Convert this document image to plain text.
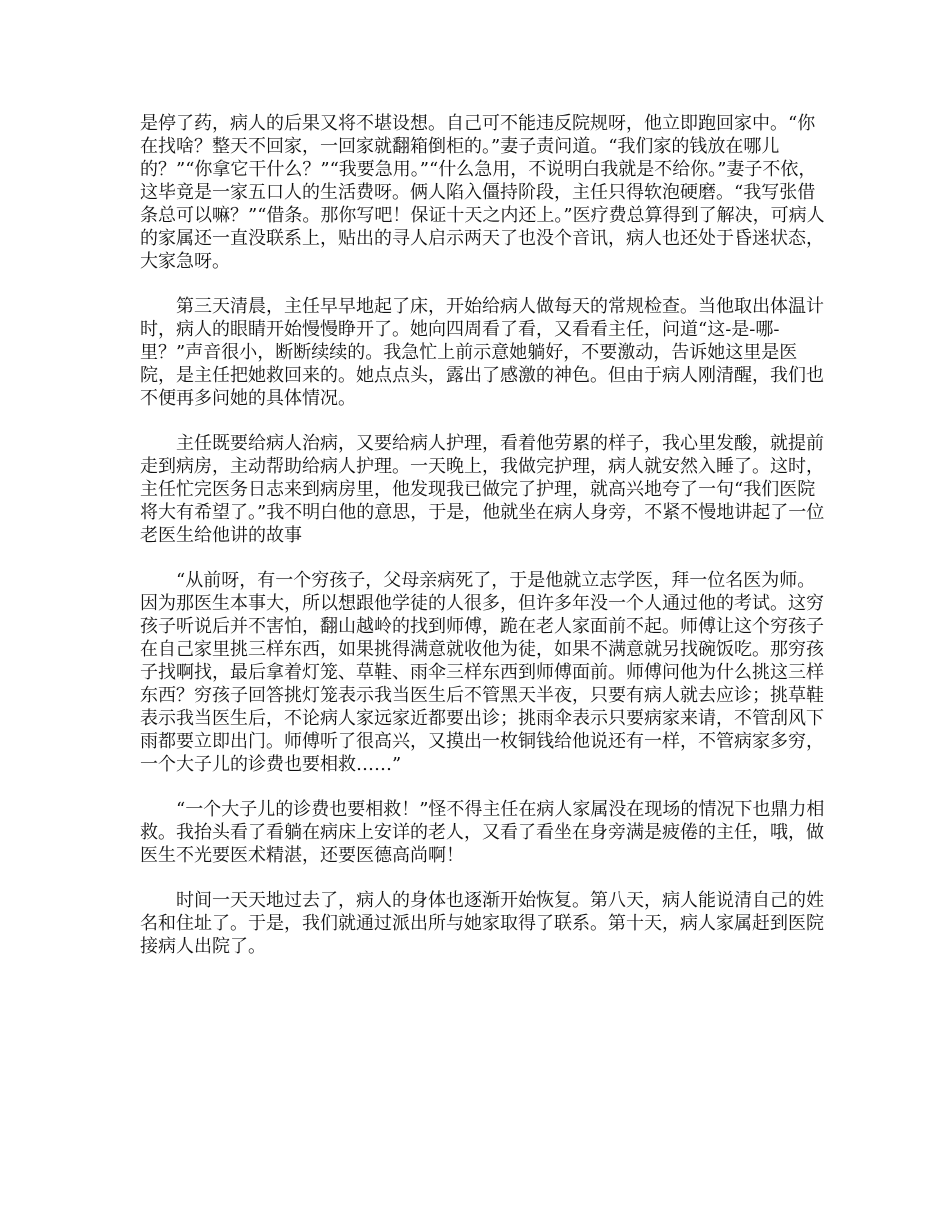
是停了药，病人的后果又将不堪设想。自己可不能违反院规呀，他立即跑回家中。“你在找啥？整天不回家，一回家就翻箱倒柜的。”妻子责问道。“我们家的钱放在哪儿的？”“你拿它干什么？”“我要急用。”“什么急用，不说明白我就是不给你。”妻子不依，这毕竟是一家五口人的生活费呀。俩人陷入僵持阶段，主任只得软泡硬磨。“我写张借条总可以嘛？”“借条。那你写吧！保证十天之内还上。”医疗费总算得到了解决，可病人的家属还一直没联系上，贴出的寻人启示两天了也没个音讯，病人也还处于昏迷状态，大家急呀。

第三天清晨，主任早早地起了床，开始给病人做每天的常规检查。当他取出体温计时，病人的眼睛开始慢慢睁开了。她向四周看了看，又看看主任，问道“这-是-哪-里？”声音很小，断断续续的。我急忙上前示意她躺好，不要激动，告诉她这里是医院，是主任把她救回来的。她点点头，露出了感激的神色。但由于病人刚清醒，我们也不便再多问她的具体情况。

主任既要给病人治病，又要给病人护理，看着他劳累的样子，我心里发酸，就提前走到病房，主动帮助给病人护理。一天晚上，我做完护理，病人就安然入睡了。这时，主任忙完医务日志来到病房里，他发现我已做完了护理，就高兴地夸了一句“我们医院将大有希望了。”我不明白他的意思，于是，他就坐在病人身旁，不紧不慢地讲起了一位老医生给他讲的故事

“从前呀，有一个穷孩子，父母亲病死了，于是他就立志学医，拜一位名医为师。因为那医生本事大，所以想跟他学徒的人很多，但许多年没一个人通过他的考试。这穷孩子听说后并不害怕，翻山越岭的找到师傅，跪在老人家面前不起。师傅让这个穷孩子在自己家里挑三样东西，如果挑得满意就收他为徒，如果不满意就另找碗饭吃。那穷孩子找啊找，最后拿着灯笼、草鞋、雨伞三样东西到师傅面前。师傅问他为什么挑这三样东西？穷孩子回答挑灯笼表示我当医生后不管黑天半夜，只要有病人就去应诊；挑草鞋表示我当医生后，不论病人家远家近都要出诊；挑雨伞表示只要病家来请，不管刮风下雨都要立即出门。师傅听了很高兴，又摸出一枚铜钱给他说还有一样，不管病家多穷，一个大子儿的诊费也要相救……”

“一个大子儿的诊费也要相救！”怪不得主任在病人家属没在现场的情况下也鼎力相救。我抬头看了看躺在病床上安详的老人，又看了看坐在身旁满是疲倦的主任，哦，做医生不光要医术精湛，还要医德高尚啊！

时间一天天地过去了，病人的身体也逐渐开始恢复。第八天，病人能说清自己的姓名和住址了。于是，我们就通过派出所与她家取得了联系。第十天，病人家属赶到医院接病人出院了。
